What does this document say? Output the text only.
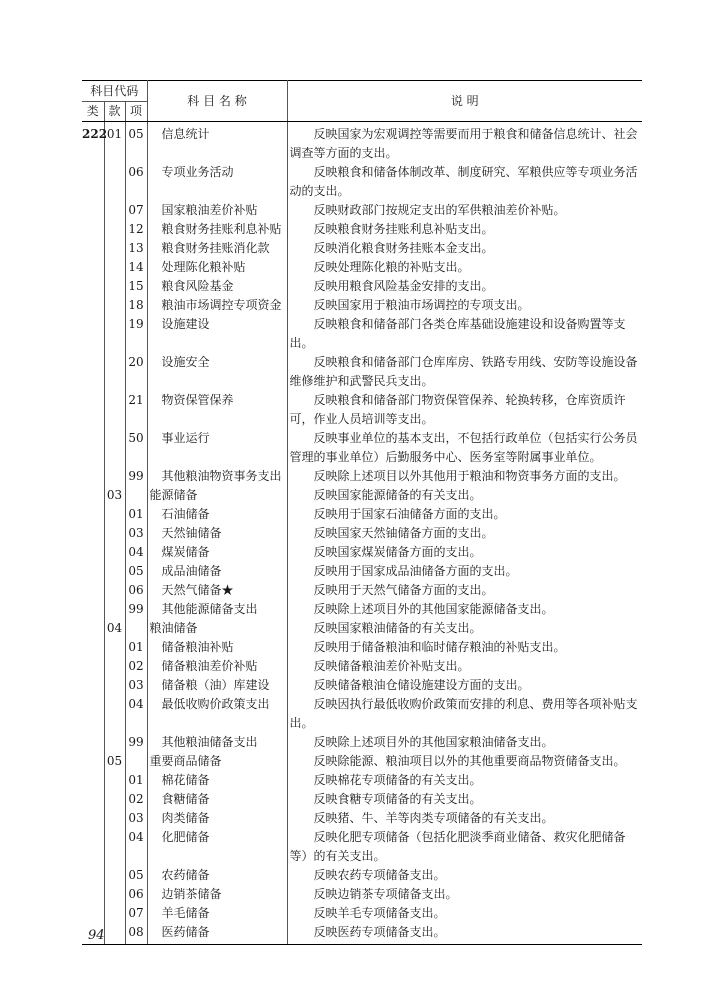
科目代码			科 目 名 称	说 明
类	款	项		
222	01	05	信息统计	反映国家为宏观调控等需要而用于粮食和储备信息统计、社会调查等方面的支出。
		06	专项业务活动	反映粮食和储备体制改革、制度研究、军粮供应等专项业务活动的支出。
		07	国家粮油差价补贴	反映财政部门按规定支出的军供粮油差价补贴。
		12	粮食财务挂账利息补贴	反映粮食财务挂账利息补贴支出。
		13	粮食财务挂账消化款	反映消化粮食财务挂账本金支出。
		14	处理陈化粮补贴	反映处理陈化粮的补贴支出。
		15	粮食风险基金	反映用粮食风险基金安排的支出。
		18	粮油市场调控专项资金	反映国家用于粮油市场调控的专项支出。
		19	设施建设	反映粮食和储备部门各类仓库基础设施建设和设备购置等支出。
		20	设施安全	反映粮食和储备部门仓库库房、铁路专用线、安防等设施设备维修维护和武警民兵支出。
		21	物资保管保养	反映粮食和储备部门物资保管保养、轮换转移，仓库资质许可，作业人员培训等支出。
		50	事业运行	反映事业单位的基本支出，不包括行政单位（包括实行公务员管理的事业单位）后勤服务中心、医务室等附属事业单位。
		99	其他粮油物资事务支出	反映除上述项目以外其他用于粮油和物资事务方面的支出。
	03		能源储备	反映国家能源储备的有关支出。
		01	石油储备	反映用于国家石油储备方面的支出。
		03	天然铀储备	反映国家天然铀储备方面的支出。
		04	煤炭储备	反映国家煤炭储备方面的支出。
		05	成品油储备	反映用于国家成品油储备方面的支出。
		06	天然气储备★	反映用于天然气储备方面的支出。
		99	其他能源储备支出	反映除上述项目外的其他国家能源储备支出。
	04		粮油储备	反映国家粮油储备的有关支出。
		01	储备粮油补贴	反映用于储备粮油和临时储存粮油的补贴支出。
		02	储备粮油差价补贴	反映储备粮油差价补贴支出。
		03	储备粮（油）库建设	反映储备粮油仓储设施建设方面的支出。
		04	最低收购价政策支出	反映因执行最低收购价政策而安排的利息、费用等各项补贴支出。
		99	其他粮油储备支出	反映除上述项目外的其他国家粮油储备支出。
	05		重要商品储备	反映除能源、粮油项目以外的其他重要商品物资储备支出。
		01	棉花储备	反映棉花专项储备的有关支出。
		02	食糖储备	反映食糖专项储备的有关支出。
		03	肉类储备	反映猪、牛、羊等肉类专项储备的有关支出。
		04	化肥储备	反映化肥专项储备（包括化肥淡季商业储备、救灾化肥储备等）的有关支出。
		05	农药储备	反映农药专项储备支出。
		06	边销茶储备	反映边销茶专项储备支出。
		07	羊毛储备	反映羊毛专项储备支出。
		08	医药储备	反映医药专项储备支出。
94
